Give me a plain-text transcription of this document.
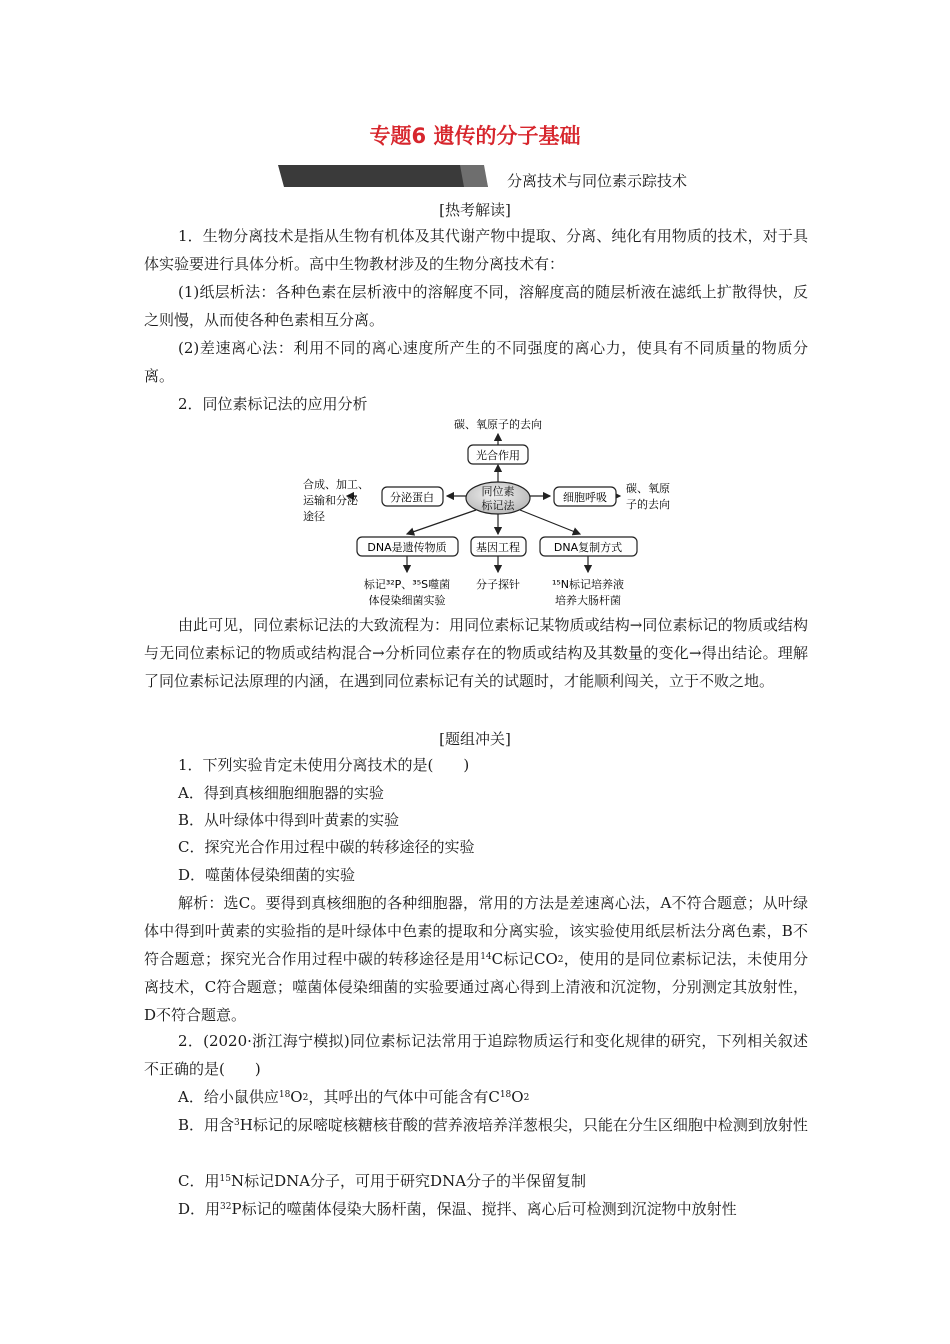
专题6 遗传的分子基础
素养培优讲座8
分离技术与同位素示踪技术
[热考解读]

1．生物分离技术是指从生物有机体及其代谢产物中提取、分离、纯化有用物质的技术，对于具体实验要进行具体分析。高中生物教材涉及的生物分离技术有：

(1)纸层析法：各种色素在层析液中的溶解度不同，溶解度高的随层析液在滤纸上扩散得快，反之则慢，从而使各种色素相互分离。

(2)差速离心法：利用不同的离心速度所产生的不同强度的离心力，使具有不同质量的物质分离。

2．同位素标记法的应用分析
同位素
标记法
光合作用
碳、氧原子的去向
分泌蛋白
合成、加工、
运输和分泌
途径
细胞呼吸
碳、氧原
子的去向
DNA是遗传物质	基因工程	DNA复制方式
标记³²P、³⁵S噬菌
体侵染细菌实验
分子探针	¹⁵N标记培养液
培养大肠杆菌

由此可见，同位素标记法的大致流程为：用同位素标记某物质或结构→同位素标记的物质或结构与无同位素标记的物质或结构混合→分析同位素存在的物质或结构及其数量的变化→得出结论。理解了同位素标记法原理的内涵，在遇到同位素标记有关的试题时，才能顺利闯关，立于不败之地。

[题组冲关]
1．下列实验肯定未使用分离技术的是(　　)
A．得到真核细胞细胞器的实验
B．从叶绿体中得到叶黄素的实验
C．探究光合作用过程中碳的转移途径的实验
D．噬菌体侵染细菌的实验

解析：选C。要得到真核细胞的各种细胞器，常用的方法是差速离心法，A不符合题意；从叶绿体中得到叶黄素的实验指的是叶绿体中色素的提取和分离实验，该实验使用纸层析法分离色素，B不符合题意；探究光合作用过程中碳的转移途径是用$^{14}$C标记$CO_2$，使用的是同位素标记法，未使用分离技术，C符合题意；噬菌体侵染细菌的实验要通过离心得到上清液和沉淀物，分别测定其放射性，D不符合题意。

2．(2020·浙江海宁模拟)同位素标记法常用于追踪物质运行和变化规律的研究，下列相关叙述不正确的是(　　)

A．给小鼠供应$^{18}O_2$，其呼出的气体中可能含有$C^{18}O_2$

B．用含$^3$H标记的尿嘧啶核糖核苷酸的营养液培养洋葱根尖，只能在分生区细胞中检测到放射性

C．用$^{15}$N标记DNA分子，可用于研究DNA分子的半保留复制
D．用$^{32}$P标记的噬菌体侵染大肠杆菌，保温、搅拌、离心后可检测到沉淀物中放射性
